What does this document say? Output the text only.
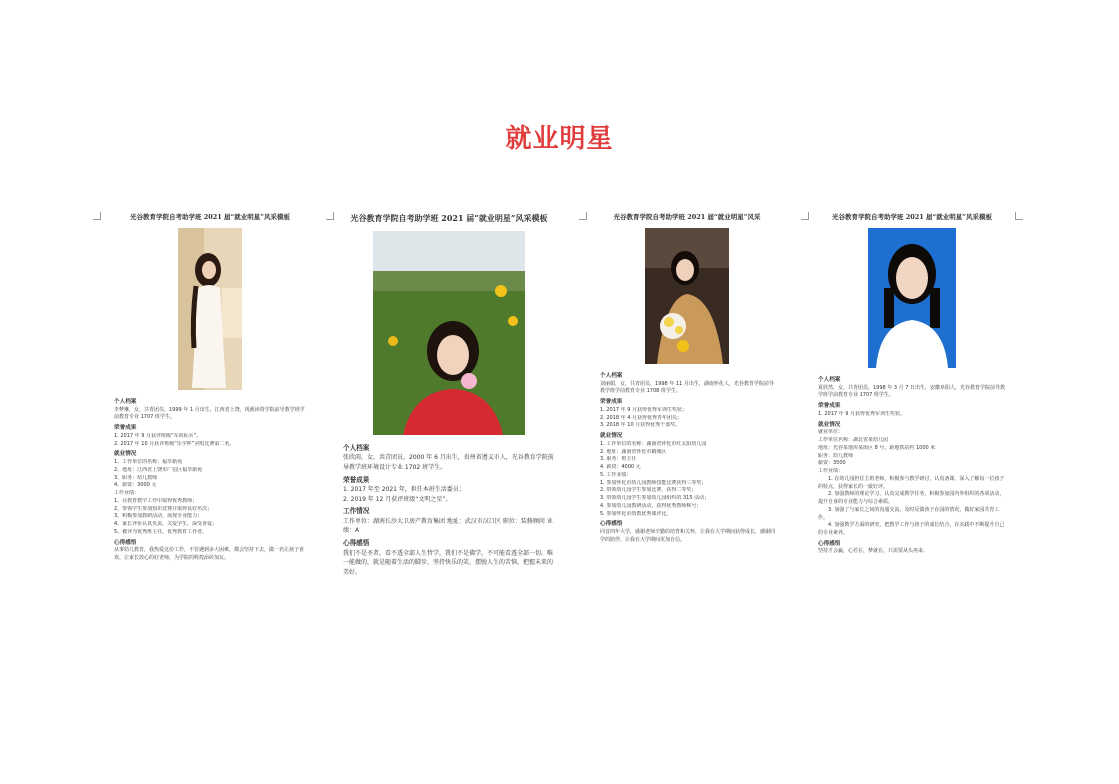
就业明星
光谷教育学院自考助学班 2021 届“就业明星”风采模板
个人档案
李梦琳，女，共青团员，1999 年 1 月出生，江西省上饶，现就读资学院前导教学班学前教育专业 1707 班学生。
荣誉成果
1. 2017 年 9 月获评班级“军训标兵”。
2. 2017 年 10 月获评班级“乐学杯”舍唱比赛第二名。
就业情况
1、工作单位的名称：福萃新苑
2、地址：江西省上饶市广信区福萃新苑
3、职务：幼儿教师
4、薪资：3000 元
工作业绩：
1、在教育教学工作中取得优秀教师；
2、带领学生参加知识竞赛并取得良好名次；
3、积极参加教研活动，展现专业能力；
4、家长评价认真负责，关爱学生，深受喜爱；
5、被评为优秀班主任，优秀教育工作者。
心得感悟
从事幼儿教育，我热爱这份工作，不管遇到多大困难，都会坚持下去，做一名让孩子喜欢、让家长放心的好老师，为学院的辉煌添砖加瓦。
光谷教育学院自考助学班 2021 届“就业明星”风采模板
个人档案
张欣雨，女，共青团员，2000 年 6 月出生，贵州省遵义市人，光谷教育学院前导教学班环境设计专业 1702 班学生。
荣誉成果
1. 2017 年至 2021 年，担任本班生活委员；
2. 2019 年 12 月获评班级“文明之星”。
工作情况
工作单位：湖南长沙大卫房产教育集团 地址：武汉市汉口区 职位：装修顾问 业绩：A
心得感悟
我们不是圣者，看不透全部人生哲学，我们不是佛学，不可能看透全部一切。唯一能做的，就是随着生活的脚步，坚持快乐的笑，摆脱人生的苦恼，把握未来的美好。
光谷教育学院自考助学班 2021 届“就业明星”风采
个人档案
刘丽娟，女，共青团员，1998 年 11 月出生，湖南怀化人，光谷教育学院前导教学班学前教育专业 1708 班学生。
荣誉成果
1. 2017 年 9 月获得优秀军训生奖状；
2. 2018 年 4 月获得优秀青年团员；
3. 2018 年 10 月获得优秀干部奖。
就业情况
1. 工作单位的名称：湖南省怀化市红太阳幼儿园
2. 地址：湖南省怀化市鹤城区
3. 职务：班主任
4. 薪资：4000 元
5. 工作业绩：
1. 参加怀化市幼儿园教师技能比赛获得三等奖；
2. 带领幼儿园学生参加比赛，获得二等奖；
3. 带领幼儿园学生参加幼儿园组织的 315 活动；
4. 参加幼儿园教研活动，获得优秀教师称号；
5. 参加怀化市幼教优秀课评比。
心得感悟
回首四年大学，感谢老师辛勤的培育和关怀，让我在大学期间获得成长，感谢同学的陪伴，让我在大学期间更加自信。
光谷教育学院自考助学班 2021 届“就业明星”风采模板
个人档案
夏欣然，女，共青团员，1998 年 3 月 7 日出生，安徽阜阳人，光谷教育学院前导教学班学前教育专业 1707 班学生。
荣誉成果
1. 2017 年 9 月获得优秀军训生奖状。
就业情况
就业单位：
工作单位名称：湖北省某幼儿园
地址：光谷某地块某街区 8 号，距地铁站约 1000 米
职务：幼儿教师
薪资：3500
工作业绩：
1. 在幼儿园担任主班老师，积极参与教学研讨，认真备课，深入了解每一位孩子的特点，获得家长的一致好评。
2. 加强教师的理论学习，认真完成教学任务，积极参加园内外组织的各项活动，提升自身的专业能力与综合素质。
3. 加强了与家长之间的沟通交流，及时反馈孩子在园的情况，做好家园共育工作。
4. 加强教学方面的研究，把教学工作与孩子的成长结合，在实践中不断提升自己的专业素养。
心得感悟
坚持才会赢，心若在，梦就在，只需要从头再来。
